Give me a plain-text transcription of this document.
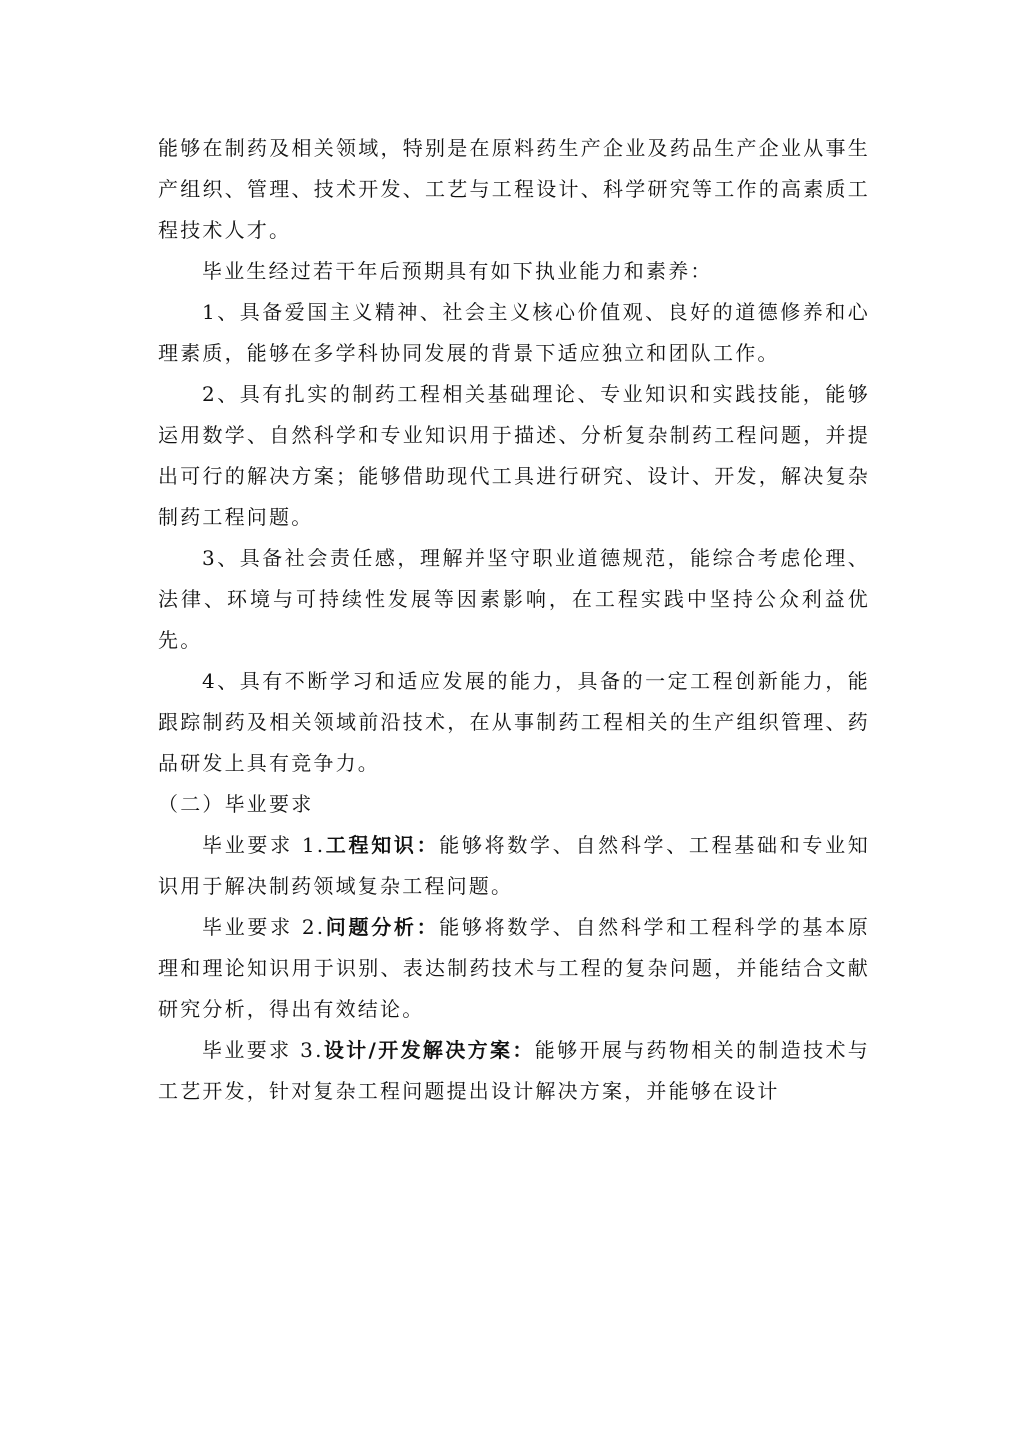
能够在制药及相关领域，特别是在原料药生产企业及药品生产企业从事生产组织、管理、技术开发、工艺与工程设计、科学研究等工作的高素质工程技术人才。

毕业生经过若干年后预期具有如下执业能力和素养：

1、具备爱国主义精神、社会主义核心价值观、良好的道德修养和心理素质，能够在多学科协同发展的背景下适应独立和团队工作。

2、具有扎实的制药工程相关基础理论、专业知识和实践技能，能够运用数学、自然科学和专业知识用于描述、分析复杂制药工程问题，并提出可行的解决方案；能够借助现代工具进行研究、设计、开发，解决复杂制药工程问题。

3、具备社会责任感，理解并坚守职业道德规范，能综合考虑伦理、法律、环境与可持续性发展等因素影响，在工程实践中坚持公众利益优先。

4、具有不断学习和适应发展的能力，具备的一定工程创新能力，能跟踪制药及相关领域前沿技术，在从事制药工程相关的生产组织管理、药品研发上具有竞争力。

（二）毕业要求

毕业要求 1.工程知识：能够将数学、自然科学、工程基础和专业知识用于解决制药领域复杂工程问题。

毕业要求 2.问题分析：能够将数学、自然科学和工程科学的基本原理和理论知识用于识别、表达制药技术与工程的复杂问题，并能结合文献研究分析，得出有效结论。

毕业要求 3.设计/开发解决方案：能够开展与药物相关的制造技术与工艺开发，针对复杂工程问题提出设计解决方案，并能够在设计
